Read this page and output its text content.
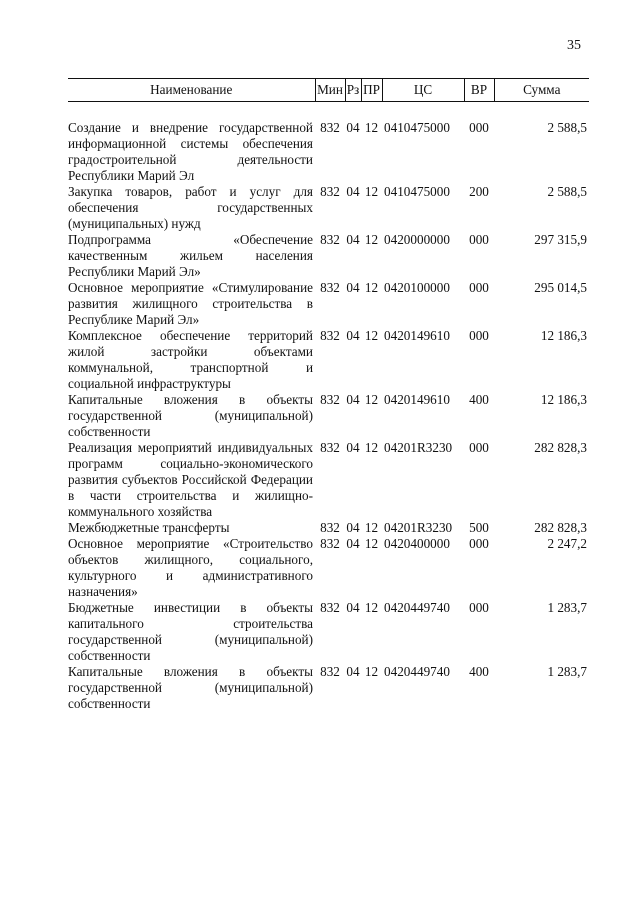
35
Наименование	Мин	Рз	ПР	ЦС	ВР	Сумма

Создание и внедрение государственной информационной системы обеспечения градостроительной деятельности Республики Марий Эл	832	04	12	0410475000	000	2 588,5
Закупка товаров, работ и услуг для обеспечения государственных (муниципальных) нужд	832	04	12	0410475000	200	2 588,5
Подпрограмма «Обеспечение качественным жильем населения Республики Марий Эл»	832	04	12	0420000000	000	297 315,9
Основное мероприятие «Стимулирование развития жилищного строительства в Республике Марий Эл»	832	04	12	0420100000	000	295 014,5
Комплексное обеспечение территорий жилой застройки объектами коммунальной, транспортной и социальной инфраструктуры	832	04	12	0420149610	000	12 186,3
Капитальные вложения в объекты государственной (муниципальной) собственности	832	04	12	0420149610	400	12 186,3
Реализация мероприятий индивидуальных программ социально-экономического развития субъектов Российской Федерации в части строительства и жилищно-коммунального хозяйства	832	04	12	04201R3230	000	282 828,3
Межбюджетные трансферты	832	04	12	04201R3230	500	282 828,3
Основное мероприятие «Строительство объектов жилищного, социального, культурного и административного назначения»	832	04	12	0420400000	000	2 247,2
Бюджетные инвестиции в объекты капитального строительства государственной (муниципальной) собственности	832	04	12	0420449740	000	1 283,7
Капитальные вложения в объекты государственной (муниципальной) собственности	832	04	12	0420449740	400	1 283,7
